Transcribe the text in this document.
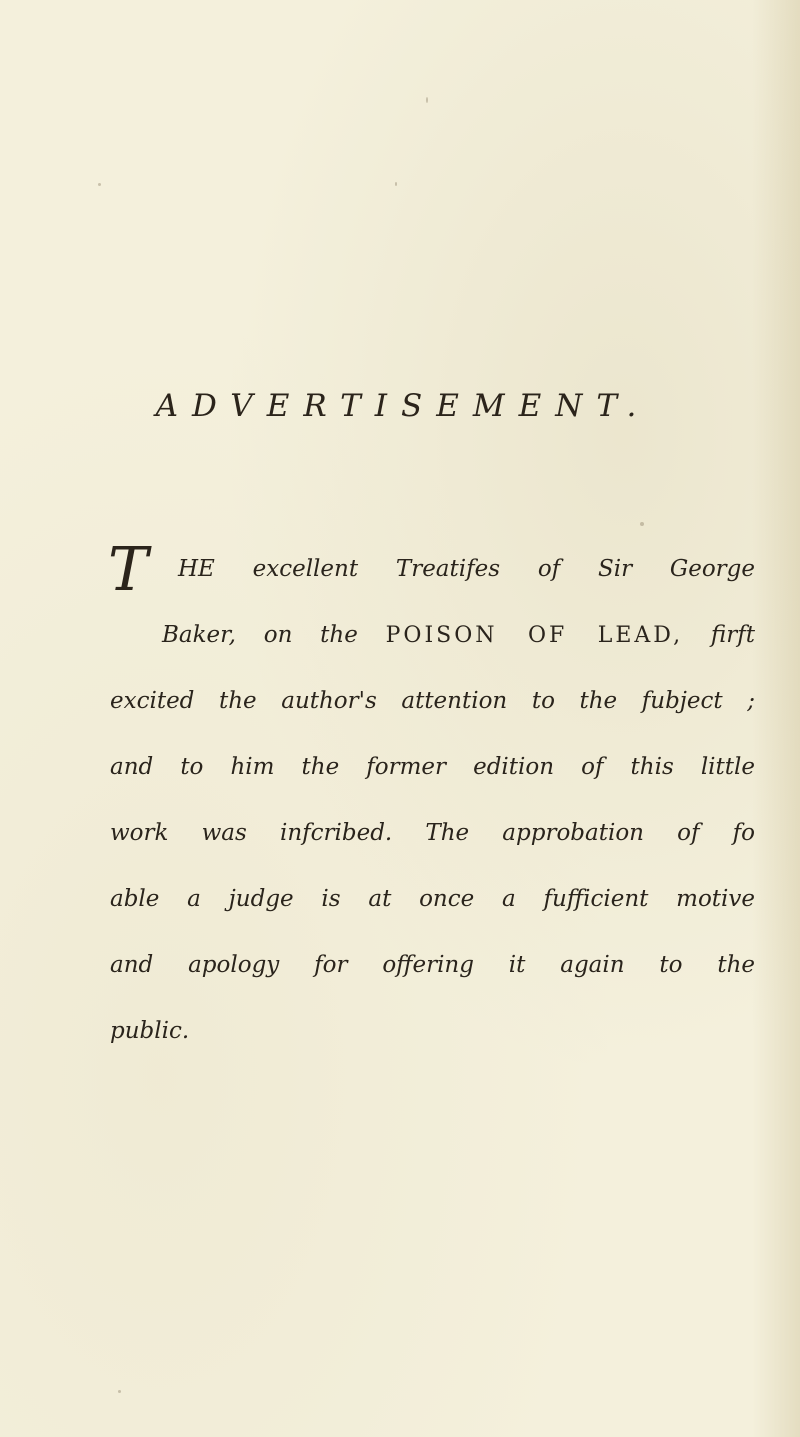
ADVERTISEMENT.
T	HE excellent Treatifes of Sir George
Baker, on the POISON OF LEAD, firft
excited the author's attention to the fubject ;
and to him the former edition of this little
work was infcribed. The approbation of fo
able a judge is at once a fufficient motive
and apology for offering it again to the
public.
